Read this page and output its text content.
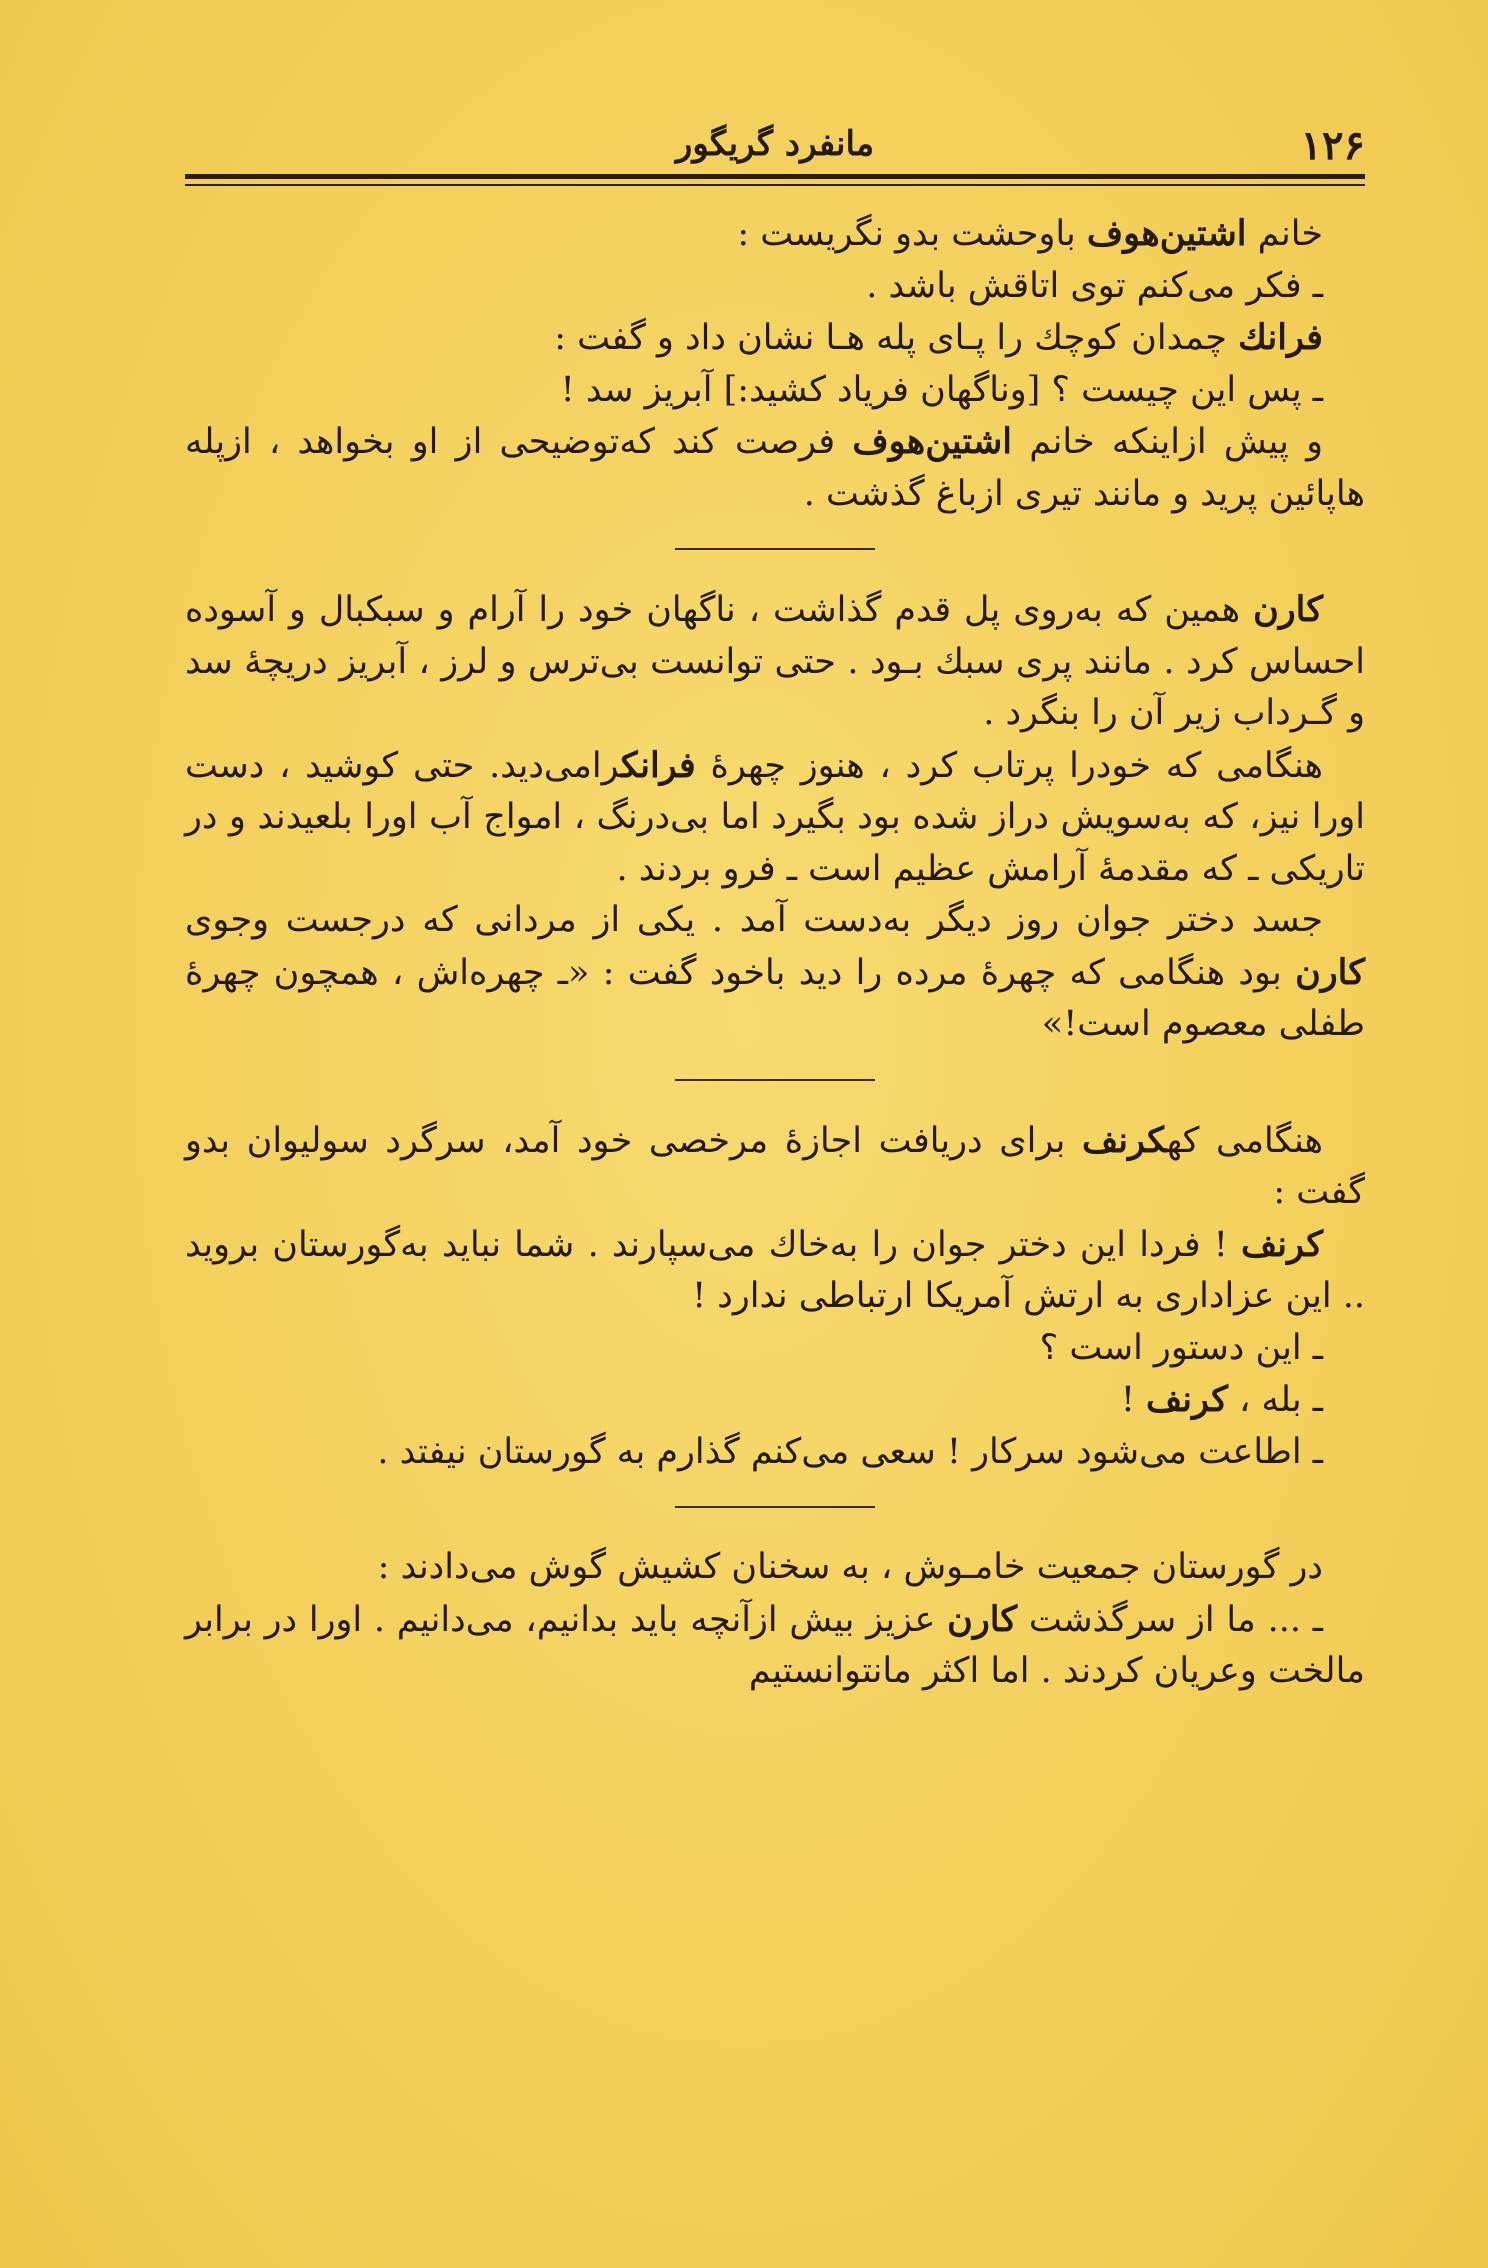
۱۲۶
مانفرد گریگور

خانم اشتین‌هوف باوحشت بدو نگریست :

ـ فکر می‌کنم توی اتاقش باشد .

فرانك چمدان کوچك را پـای پله هـا نشان داد و گفت :

ـ پس این چیست ؟ [وناگهان فریاد کشید:] آبریز سد !

و پیش ازاینکه خانم اشتین‌هوف فرصت کند که‌توضیحی از او بخواهد ، ازپله هاپائین پرید و مانند تیری ازباغ گذشت .

کارن همین که به‌روی پل قدم گذاشت ، ناگهان خود را آرام و سبکبال و آسوده احساس کرد . مانند پری سبك بـود . حتی توانست بی‌ترس و لرز ، آبریز دریچهٔ سد و گـرداب زیر آن را بنگرد .

هنگامی که خودرا پرتاب کرد ، هنوز چهرهٔ فرانكرامی‌دید. حتی کوشید ، دست اورا نیز، که به‌سویش دراز شده بود بگیرد اما بی‌درنگ ، امواج آب اورا بلعیدند و در تاریکی ـ که مقدمهٔ آرامش عظیم است ـ فرو بردند .

جسد دختر جوان روز دیگر به‌دست آمد . یکی از مردانی که درجست وجوی کارن بود هنگامی که چهرهٔ مرده را دید باخود گفت : «ـ چهره‌اش ، همچون چهرهٔ طفلی معصوم است!»

هنگامی کهکرنف برای دریافت اجازهٔ مرخصی خود آمد، سرگرد سولیوان بدو گفت :

کرنف ! فردا این دختر جوان را به‌خاك می‌سپارند . شما نباید به‌گورستان بروید .. این عزاداری به ارتش آمریکا ارتباطی ندارد !

ـ این دستور است ؟

ـ بله ، کرنف !

ـ اطاعت می‌شود سرکار ! سعی می‌کنم گذارم به گورستان نیفتد .

در گورستان جمعیت خامـوش ، به سخنان کشیش گوش می‌دادند :

ـ ... ما از سرگذشت کارن عزیز بیش ازآنچه باید بدانیم، می‌دانیم . اورا در برابر مالخت وعریان کردند . اما اکثر مانتوانستیم
